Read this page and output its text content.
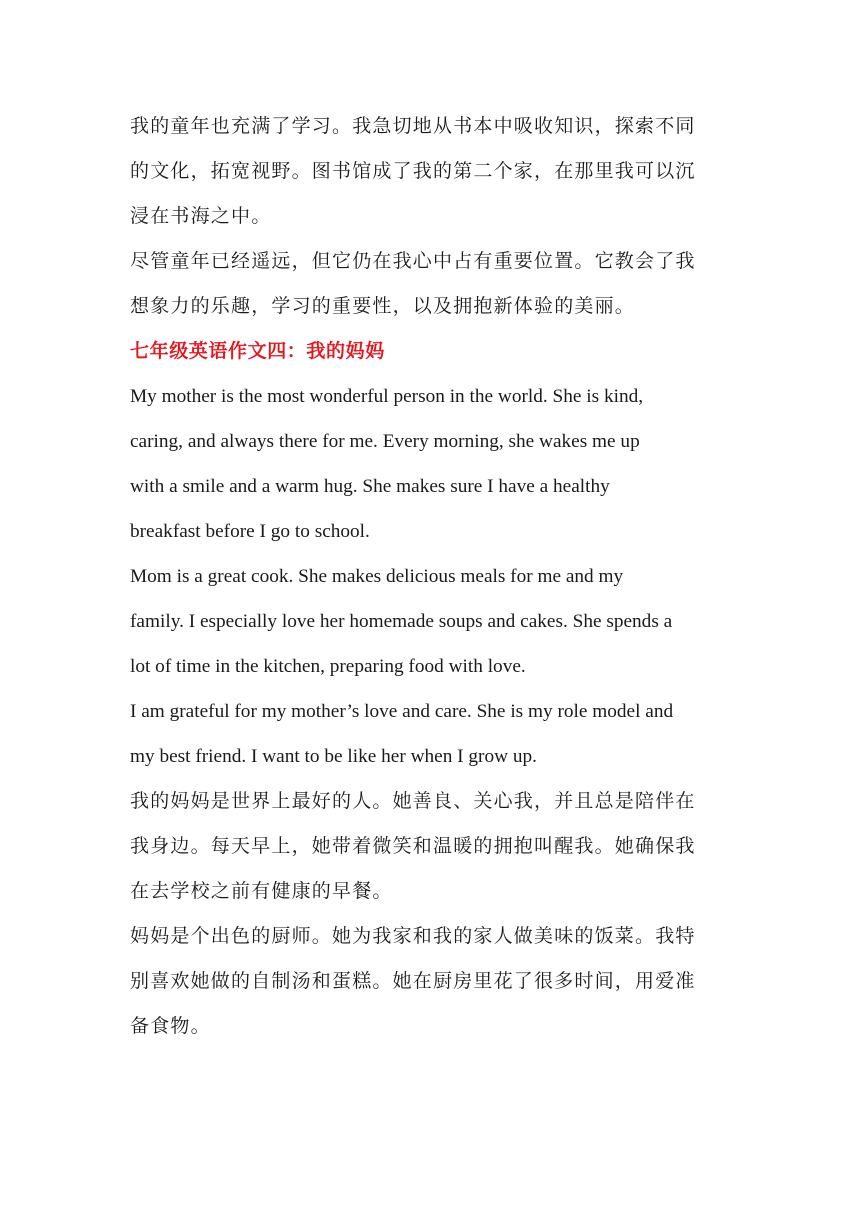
我的童年也充满了学习。我急切地从书本中吸收知识，探索不同
的文化，拓宽视野。图书馆成了我的第二个家，在那里我可以沉
浸在书海之中。
尽管童年已经遥远，但它仍在我心中占有重要位置。它教会了我
想象力的乐趣，学习的重要性，以及拥抱新体验的美丽。
七年级英语作文四：我的妈妈
My mother is the most wonderful person in the world. She is kind,
caring, and always there for me. Every morning, she wakes me up
with a smile and a warm hug. She makes sure I have a healthy
breakfast before I go to school.
Mom is a great cook. She makes delicious meals for me and my
family. I especially love her homemade soups and cakes. She spends a
lot of time in the kitchen, preparing food with love.
I am grateful for my mother’s love and care. She is my role model and
my best friend. I want to be like her when I grow up.
我的妈妈是世界上最好的人。她善良、关心我，并且总是陪伴在
我身边。每天早上，她带着微笑和温暖的拥抱叫醒我。她确保我
在去学校之前有健康的早餐。
妈妈是个出色的厨师。她为我家和我的家人做美味的饭菜。我特
别喜欢她做的自制汤和蛋糕。她在厨房里花了很多时间，用爱准
备食物。
